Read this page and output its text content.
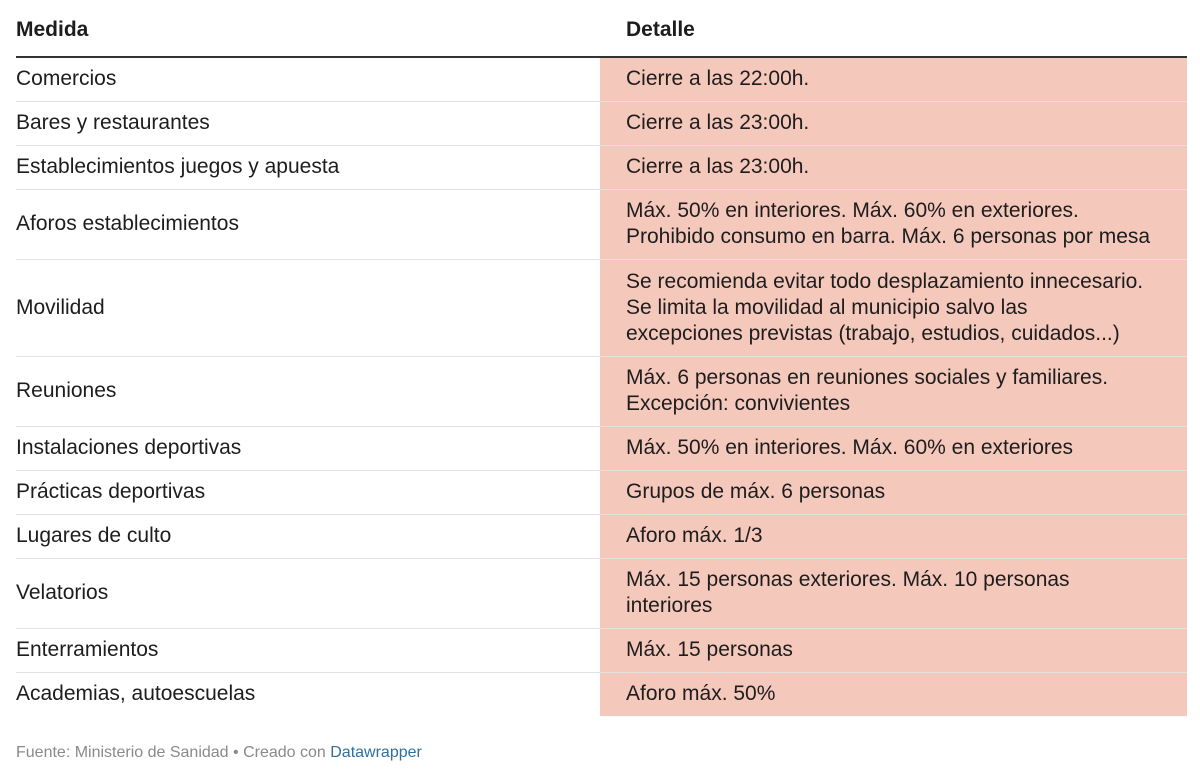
Medida	Detalle
Comercios	Cierre a las 22:00h.

Bares y restaurantes	Cierre a las 23:00h.

Establecimientos juegos y apuesta	Cierre a las 23:00h.

Aforos establecimientos	Máx. 50% en interiores. Máx. 60% en exteriores.
Prohibido consumo en barra. Máx. 6 personas por mesa

Movilidad	Se recomienda evitar todo desplazamiento innecesario.
Se limita la movilidad al municipio salvo las
excepciones previstas (trabajo, estudios, cuidados...)

Reuniones	Máx. 6 personas en reuniones sociales y familiares.
Excepción: convivientes

Instalaciones deportivas	Máx. 50% en interiores. Máx. 60% en exteriores

Prácticas deportivas	Grupos de máx. 6 personas

Lugares de culto	Aforo máx. 1/3

Velatorios	Máx. 15 personas exteriores. Máx. 10 personas
interiores

Enterramientos	Máx. 15 personas

Academias, autoescuelas	Aforo máx. 50%
Fuente: Ministerio de Sanidad • Creado con Datawrapper
